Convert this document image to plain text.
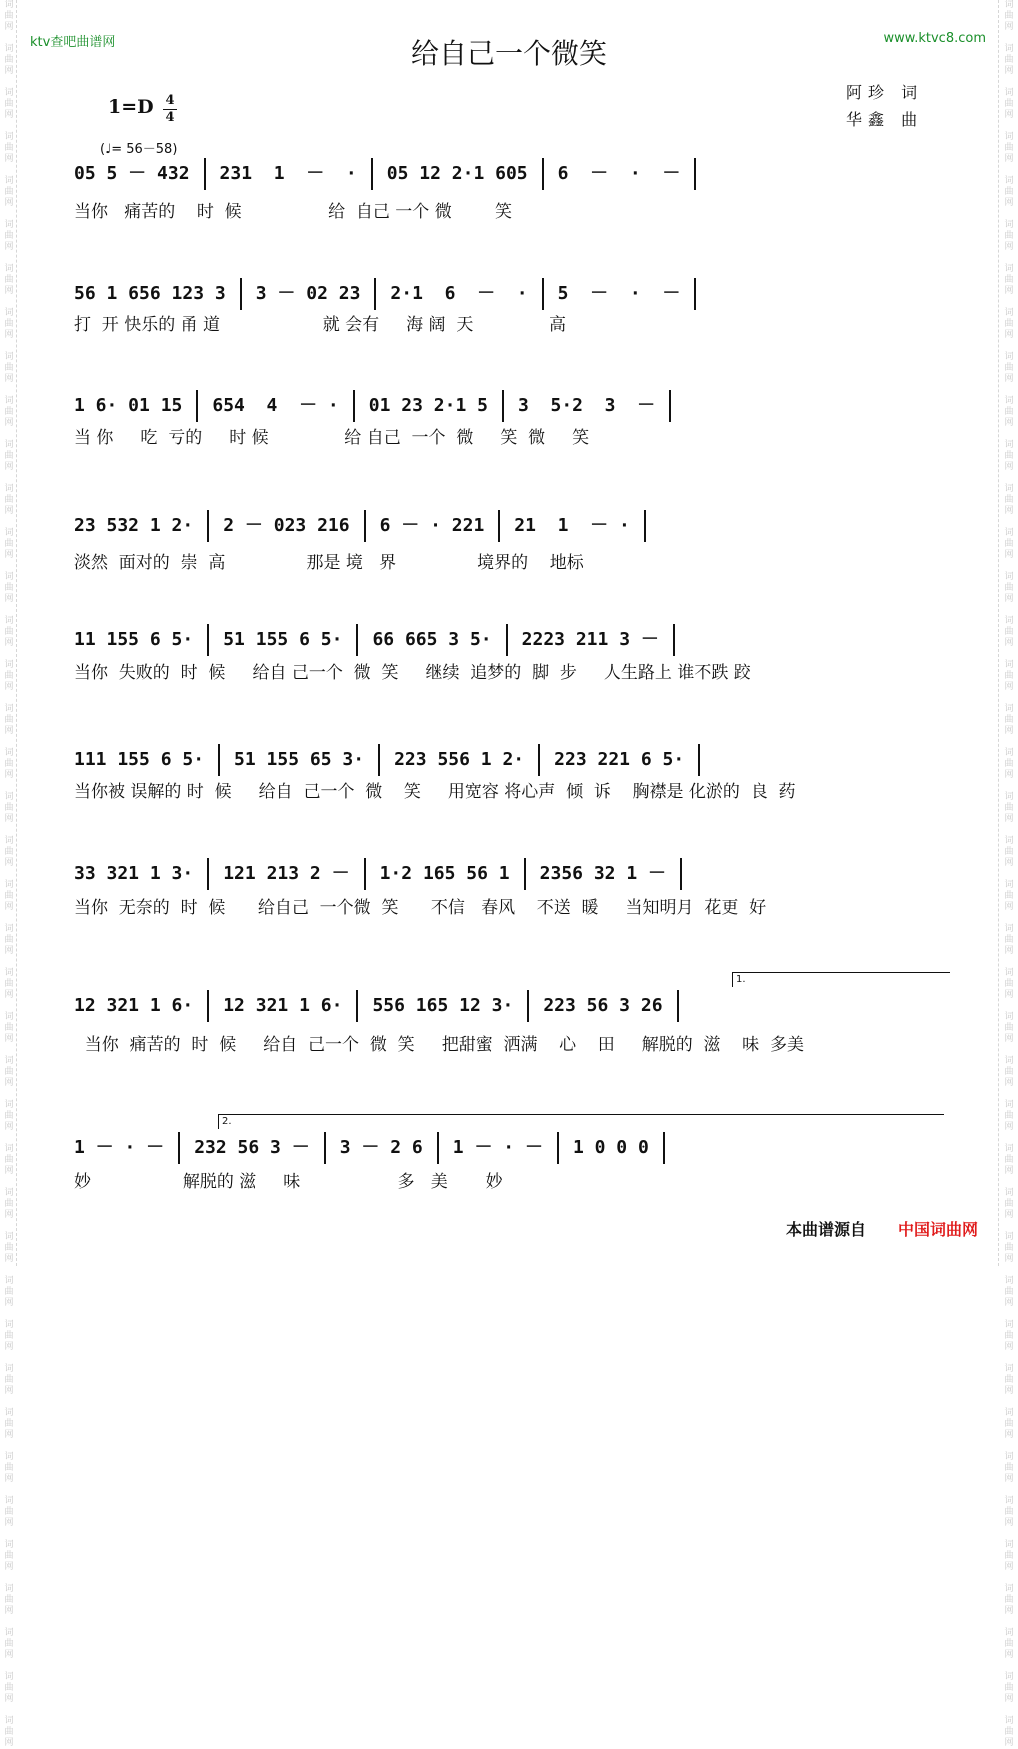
词
曲
网

词
曲
网

词
曲
网

词
曲
网

词
曲
网

词
曲
网

词
曲
网

词
曲
网

词
曲
网

词
曲
网

词
曲
网

词
曲
网

词
曲
网

词
曲
网

词
曲
网

词
曲
网

词
曲
网

词
曲
网

词
曲
网

词
曲
网

词
曲
网

词
曲
网

词
曲
网

词
曲
网

词
曲
网

词
曲
网

词
曲
网

词
曲
网

词
曲
网

词
曲
网

词
曲
网

词
曲
网

词
曲
网

词
曲
网

词
曲
网

词
曲
网

词
曲
网

词
曲
网

词
曲
网

词
曲
网

词
曲
网

词
曲
网

词
曲
网

词
曲
网

词
曲
网

词
曲
网

词
曲
网

词
曲
网

词
曲
网

词
曲
网

词
曲
网

词
曲
网

词
曲
网

词
曲
网

词
曲
网

词
曲
网

词
曲
网

词
曲
网

词
曲
网

词
曲
网

词
曲
网

词
曲
网

词
曲
网

词
曲
网

词
曲
网

词
曲
网

词
曲
网

词
曲
网

词
曲
网

词
曲
网

词
曲
网

词
曲
网

词
曲
网

词
曲
网

词
曲
网

词
曲
网

词
曲
网

词
曲
网

词
曲
网

词
曲
网

ktv查吧曲谱网	www.ktvc8.com
给自己一个微笑
阿珍 词
华鑫 曲
1=D 4
4
(♩= 56－58)
05 5 － 432 231  1  －  · 05 12 2·1 605 6  －  ·  －
当你   痛苦的    时  候                给  自己 一个 微        笑
56 1 656 123 3 3 － 02 23 2·1  6  －  · 5  －  ·  －
打  开 快乐的 甬 道                   就 会有     海 阔  天              高
1 6· 01 15 654  4  － · 01 23 2·1 5 3  5·2  3  －
当 你     吃  亏的     时 候              给 自己  一个  微     笑  微     笑
23 532 1 2· 2 － 023 216 6 － · 221 21  1  － ·
淡然  面对的  崇  高               那是 境   界               境界的    地标
11 155 6 5· 51 155 6 5· 66 665 3 5· 2223 211 3 －
当你  失败的  时  候     给自 己一个  微  笑     继续  追梦的  脚  步     人生路上 谁不跌 跤
111 155 6 5· 51 155 65 3· 223 556 1 2· 223 221 6 5·
当你被 误解的 时  候     给自  己一个  微    笑     用宽容 将心声  倾  诉    胸襟是 化淤的  良  药
33 321 1 3· 121 213 2 － 1·2 165 56 1 2356 32 1 －
当你  无奈的  时  候      给自己  一个微  笑      不信   春风    不送  暖     当知明月  花更  好
12 321 1 6· 12 321 1 6· 556 165 12 3· 223 56 3 26
当你  痛苦的  时  候     给自  己一个  微  笑     把甜蜜  洒满    心    田     解脱的  滋    味  多美
1 － · － 232 56 3 － 3 － 2 6 1 － · － 1 0 0 0
妙                 解脱的 滋     味                  多   美       妙
1.
2.
本曲谱源自 中国词曲网
